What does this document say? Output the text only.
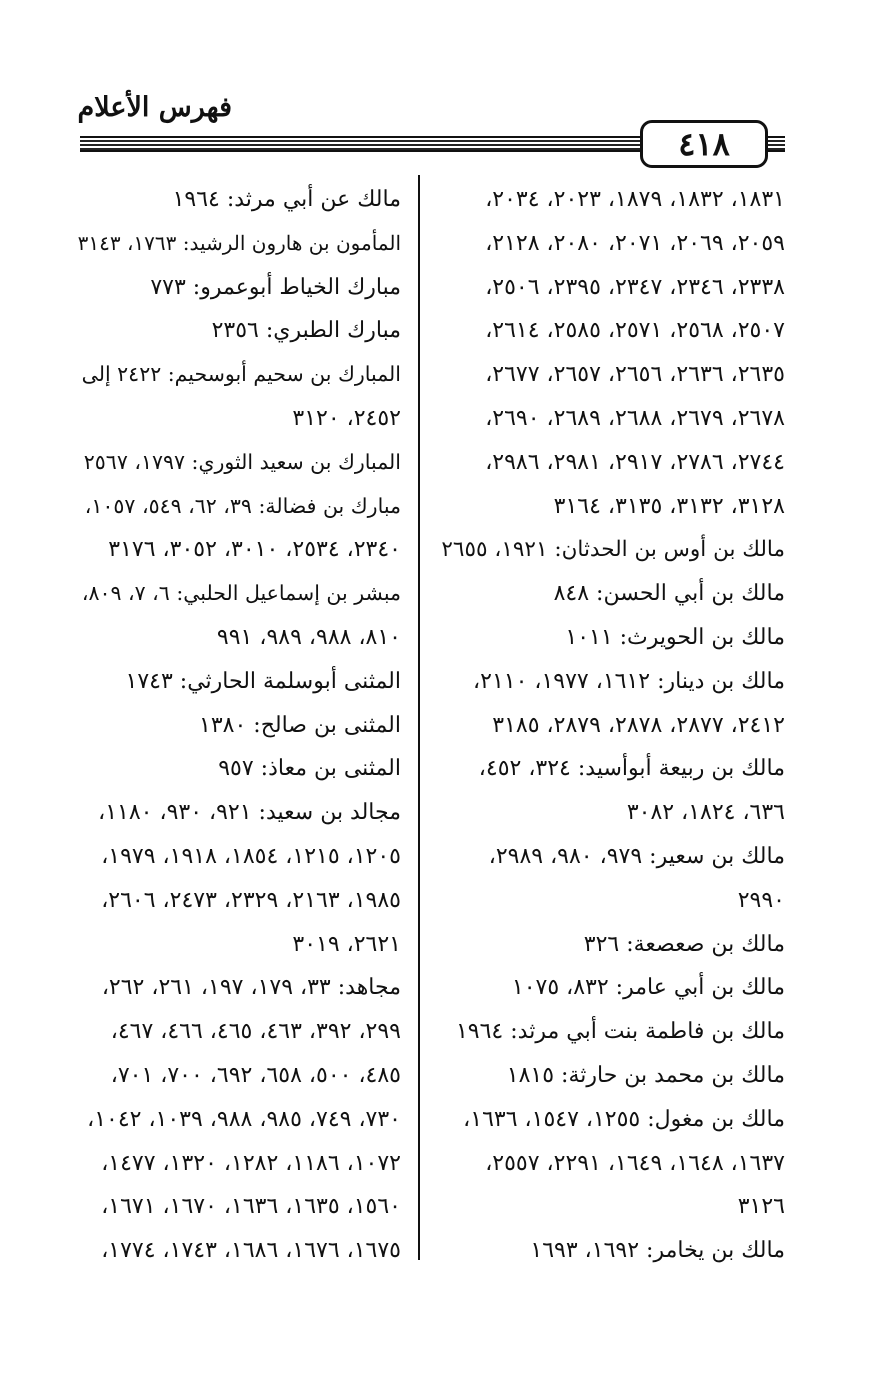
فهرس الأعلام
٤١٨
١٨٣١، ١٨٣٢، ١٨٧٩، ٢٠٢٣، ٢٠٣٤،
٢٠٥٩، ٢٠٦٩، ٢٠٧١، ٢٠٨٠، ٢١٢٨،
٢٣٣٨، ٢٣٤٦، ٢٣٤٧، ٢٣٩٥، ٢٥٠٦،
٢٥٠٧، ٢٥٦٨، ٢٥٧١، ٢٥٨٥، ٢٦١٤،
٢٦٣٥، ٢٦٣٦، ٢٦٥٦، ٢٦٥٧، ٢٦٧٧،
٢٦٧٨، ٢٦٧٩، ٢٦٨٨، ٢٦٨٩، ٢٦٩٠،
٢٧٤٤، ٢٧٨٦، ٢٩١٧، ٢٩٨١، ٢٩٨٦،
٣١٢٨، ٣١٣٢، ٣١٣٥، ٣١٦٤
مالك بن أوس بن الحدثان: ١٩٢١، ٢٦٥٥
مالك بن أبي الحسن: ٨٤٨
مالك بن الحويرث: ١٠١١
مالك بن دينار: ١٦١٢، ١٩٧٧، ٢١١٠،
٢٤١٢، ٢٨٧٧، ٢٨٧٨، ٢٨٧٩، ٣١٨٥
مالك بن ربيعة أبوأسيد: ٣٢٤، ٤٥٢،
٦٣٦، ١٨٢٤، ٣٠٨٢
مالك بن سعير: ٩٧٩، ٩٨٠، ٢٩٨٩،
٢٩٩٠
مالك بن صعصعة: ٣٢٦
مالك بن أبي عامر: ٨٣٢، ١٠٧٥
مالك بن فاطمة بنت أبي مرثد: ١٩٦٤
مالك بن محمد بن حارثة: ١٨١٥
مالك بن مغول: ١٢٥٥، ١٥٤٧، ١٦٣٦،
١٦٣٧، ١٦٤٨، ١٦٤٩، ٢٢٩١، ٢٥٥٧،
٣١٢٦
مالك بن يخامر: ١٦٩٢، ١٦٩٣
مالك عن أبي مرثد: ١٩٦٤
المأمون بن هارون الرشيد: ١٧٦٣، ٣١٤٣
مبارك الخياط أبوعمرو: ٧٧٣
مبارك الطبري: ٢٣٥٦
المبارك بن سحيم أبوسحيم: ٢٤٢٢ إلى
٢٤٥٢، ٣١٢٠
المبارك بن سعيد الثوري: ١٧٩٧، ٢٥٦٧
مبارك بن فضالة: ٣٩، ٦٢، ٥٤٩، ١٠٥٧،
٢٣٤٠، ٢٥٣٤، ٣٠١٠، ٣٠٥٢، ٣١٧٦
مبشر بن إسماعيل الحلبي: ٦، ٧، ٨٠٩،
٨١٠، ٩٨٨، ٩٨٩، ٩٩١
المثنى أبوسلمة الحارثي: ١٧٤٣
المثنى بن صالح: ١٣٨٠
المثنى بن معاذ: ٩٥٧
مجالد بن سعيد: ٩٢١، ٩٣٠، ١١٨٠،
١٢٠٥، ١٢١٥، ١٨٥٤، ١٩١٨، ١٩٧٩،
١٩٨٥، ٢١٦٣، ٢٣٢٩، ٢٤٧٣، ٢٦٠٦،
٢٦٢١، ٣٠١٩
مجاهد: ٣٣، ١٧٩، ١٩٧، ٢٦١، ٢٦٢،
٢٩٩، ٣٩٢، ٤٦٣، ٤٦٥، ٤٦٦، ٤٦٧،
٤٨٥، ٥٠٠، ٦٥٨، ٦٩٢، ٧٠٠، ٧٠١،
٧٣٠، ٧٤٩، ٩٨٥، ٩٨٨، ١٠٣٩، ١٠٤٢،
١٠٧٢، ١١٨٦، ١٢٨٢، ١٣٢٠، ١٤٧٧،
١٥٦٠، ١٦٣٥، ١٦٣٦، ١٦٧٠، ١٦٧١،
١٦٧٥، ١٦٧٦، ١٦٨٦، ١٧٤٣، ١٧٧٤،
